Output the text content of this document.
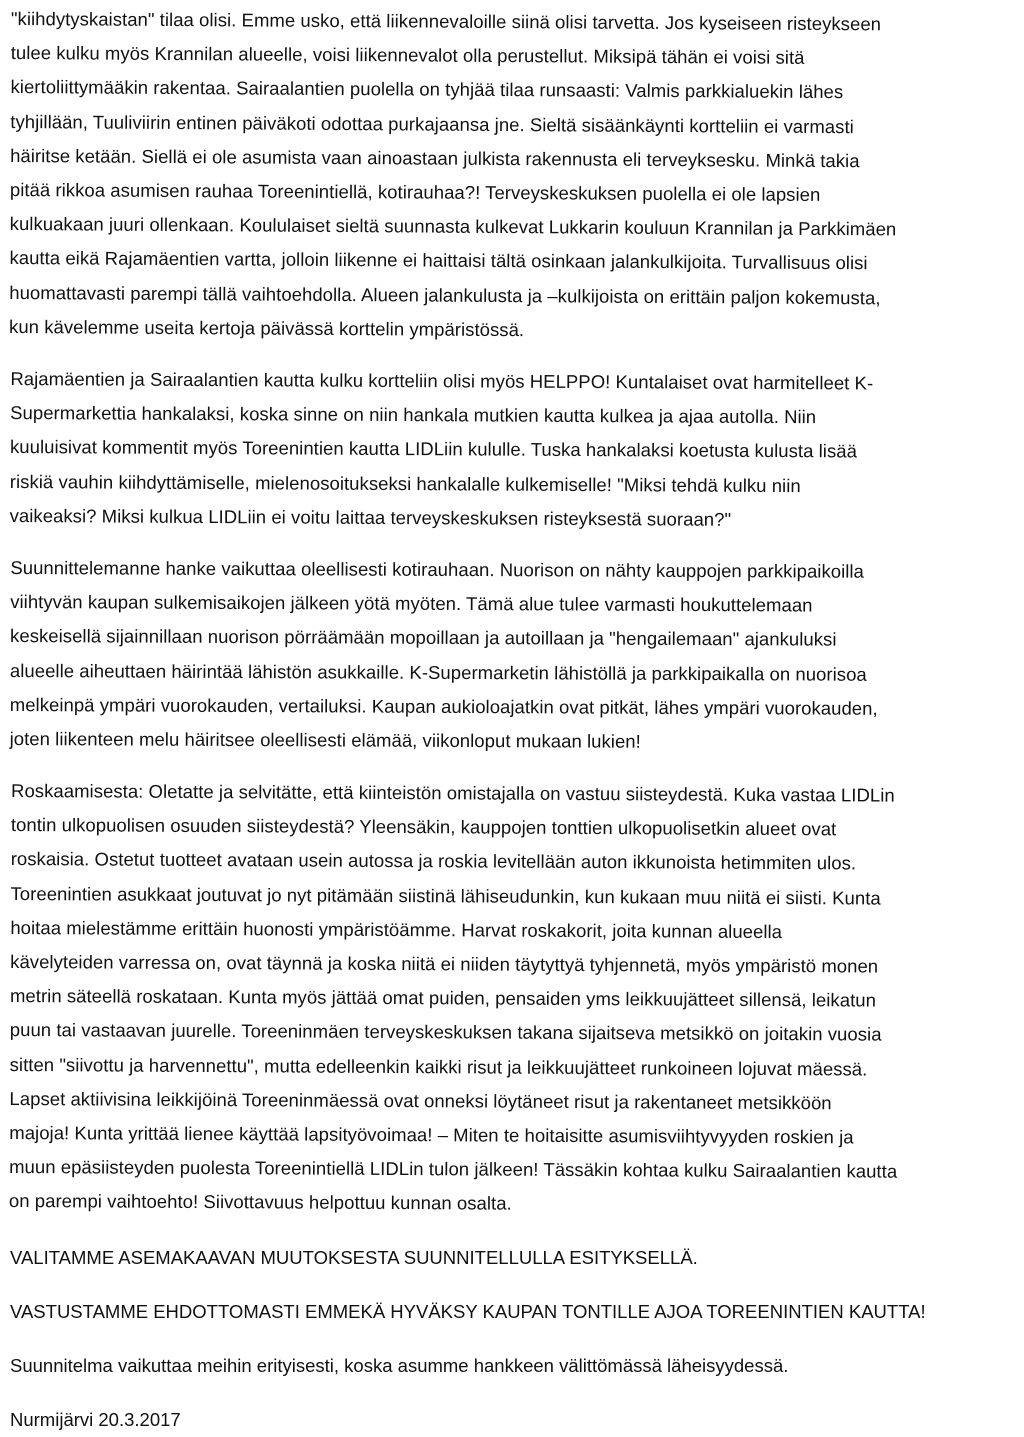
"kiihdytyskaistan" tilaa olisi. Emme usko, että liikennevaloille siinä olisi tarvetta. Jos kyseiseen risteykseen
tulee kulku myös Krannilan alueelle, voisi liikennevalot olla perustellut. Miksipä tähän ei voisi sitä
kiertoliittymääkin rakentaa. Sairaalantien puolella on tyhjää tilaa runsaasti: Valmis parkkialuekin lähes
tyhjillään, Tuuliviirin entinen päiväkoti odottaa purkajaansa jne. Sieltä sisäänkäynti kortteliin ei varmasti
häiritse ketään. Siellä ei ole asumista vaan ainoastaan julkista rakennusta eli terveyksesku. Minkä takia
pitää rikkoa asumisen rauhaa Toreenintiellä, kotirauhaa?! Terveyskeskuksen puolella ei ole lapsien
kulkuakaan juuri ollenkaan. Koululaiset sieltä suunnasta kulkevat Lukkarin kouluun Krannilan ja Parkkimäen
kautta eikä Rajamäentien vartta, jolloin liikenne ei haittaisi tältä osinkaan jalankulkijoita. Turvallisuus olisi
huomattavasti parempi tällä vaihtoehdolla. Alueen jalankulusta ja –kulkijoista on erittäin paljon kokemusta,
kun kävelemme useita kertoja päivässä korttelin ympäristössä.
Rajamäentien ja Sairaalantien kautta kulku kortteliin olisi myös HELPPO! Kuntalaiset ovat harmitelleet K-
Supermarkettia hankalaksi, koska sinne on niin hankala mutkien kautta kulkea ja ajaa autolla. Niin
kuuluisivat kommentit myös Toreenintien kautta LIDLiin kululle. Tuska hankalaksi koetusta kulusta lisää
riskiä vauhin kiihdyttämiselle, mielenosoitukseksi hankalalle kulkemiselle! "Miksi tehdä kulku niin
vaikeaksi? Miksi kulkua LIDLiin ei voitu laittaa terveyskeskuksen risteyksestä suoraan?"
Suunnittelemanne hanke vaikuttaa oleellisesti kotirauhaan. Nuorison on nähty kauppojen parkkipaikoilla
viihtyvän kaupan sulkemisaikojen jälkeen yötä myöten. Tämä alue tulee varmasti houkuttelemaan
keskeisellä sijainnillaan nuorison pörräämään mopoillaan ja autoillaan ja "hengailemaan" ajankuluksi
alueelle aiheuttaen häirintää lähistön asukkaille. K-Supermarketin lähistöllä ja parkkipaikalla on nuorisoa
melkeinpä ympäri vuorokauden, vertailuksi. Kaupan aukioloajatkin ovat pitkät, lähes ympäri vuorokauden,
joten liikenteen melu häiritsee oleellisesti elämää, viikonloput mukaan lukien!
Roskaamisesta: Oletatte ja selvitätte, että kiinteistön omistajalla on vastuu siisteydestä. Kuka vastaa LIDLin
tontin ulkopuolisen osuuden siisteydestä? Yleensäkin, kauppojen tonttien ulkopuolisetkin alueet ovat
roskaisia. Ostetut tuotteet avataan usein autossa ja roskia levitellään auton ikkunoista hetimmiten ulos.
Toreenintien asukkaat joutuvat jo nyt pitämään siistinä lähiseudunkin, kun kukaan muu niitä ei siisti. Kunta
hoitaa mielestämme erittäin huonosti ympäristöämme. Harvat roskakorit, joita kunnan alueella
kävelyteiden varressa on, ovat täynnä ja koska niitä ei niiden täytyttyä tyhjennetä, myös ympäristö monen
metrin säteellä roskataan. Kunta myös jättää omat puiden, pensaiden yms leikkuujätteet sillensä, leikatun
puun tai vastaavan juurelle. Toreeninmäen terveyskeskuksen takana sijaitseva metsikkö on joitakin vuosia
sitten "siivottu ja harvennettu", mutta edelleenkin kaikki risut ja leikkuujätteet runkoineen lojuvat mäessä.
Lapset aktiivisina leikkijöinä Toreeninmäessä ovat onneksi löytäneet risut ja rakentaneet metsikköön
majoja! Kunta yrittää lienee käyttää lapsityövoimaa! – Miten te hoitaisitte asumisviihtyvyyden roskien ja
muun epäsiisteyden puolesta Toreenintiellä LIDLin tulon jälkeen! Tässäkin kohtaa kulku Sairaalantien kautta
on parempi vaihtoehto! Siivottavuus helpottuu kunnan osalta.

VALITAMME ASEMAKAAVAN MUUTOKSESTA SUUNNITELLULLA ESITYKSELLÄ.

VASTUSTAMME EHDOTTOMASTI EMMEKÄ HYVÄKSY KAUPAN TONTILLE AJOA TOREENINTIEN KAUTTA!

Suunnitelma vaikuttaa meihin erityisesti, koska asumme hankkeen välittömässä läheisyydessä.

Nurmijärvi 20.3.2017
